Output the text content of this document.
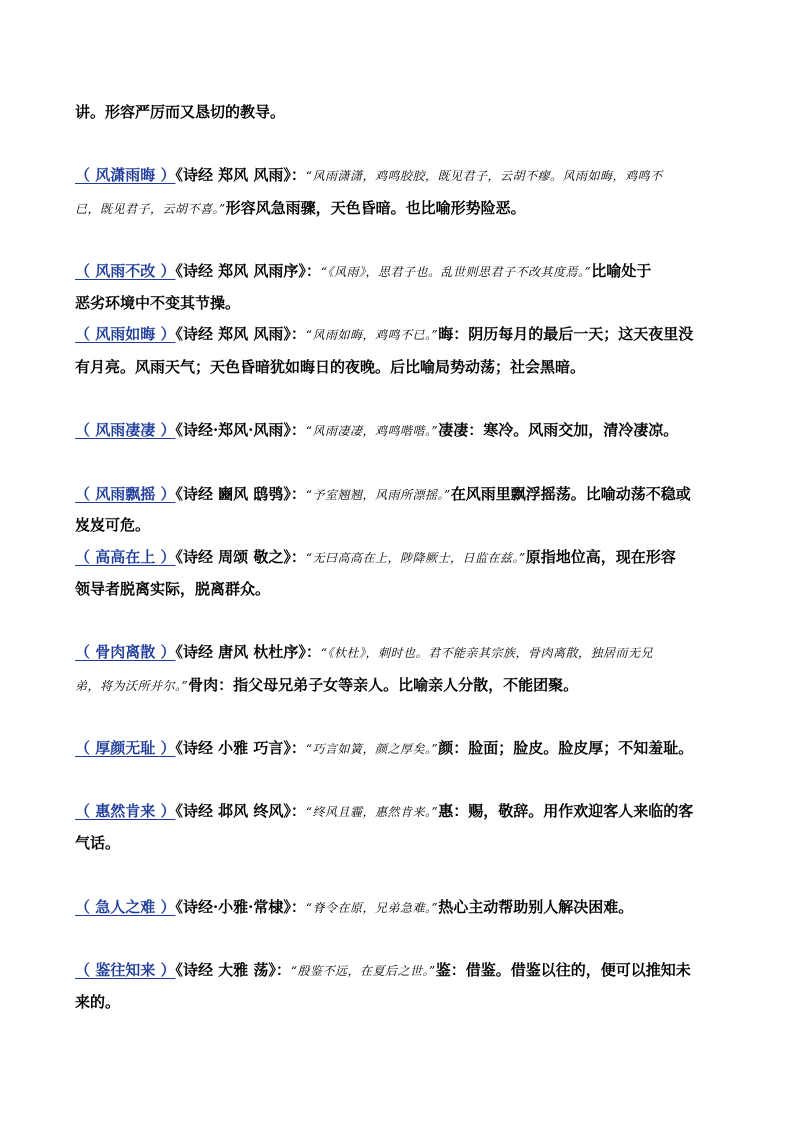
讲。形容严厉而又恳切的教导。
（ 风潇雨晦 ）《诗经 郑风 风雨》：“风雨潇潇，鸡鸣胶胶，既见君子，云胡不瘳。风雨如晦，鸡鸣不
已，既见君子，云胡不喜。”形容风急雨骤，天色昏暗。也比喻形势险恶。
（ 风雨不改 ）《诗经 郑风 风雨序》：“《风雨》，思君子也。乱世则思君子不改其度焉。”比喻处于
恶劣环境中不变其节操。
（ 风雨如晦 ）《诗经 郑风 风雨》：“风雨如晦，鸡鸣不已。”晦：阴历每月的最后一天；这天夜里没
有月亮。风雨天气；天色昏暗犹如晦日的夜晚。后比喻局势动荡；社会黑暗。
（ 风雨凄凄 ）《诗经·郑风·风雨》：“风雨凄凄，鸡鸣喈喈。”凄凄：寒冷。风雨交加，清冷凄凉。
（ 风雨飘摇 ）《诗经 豳风 鸱鸮》：“予室翘翘，风雨所漂摇。”在风雨里飘浮摇荡。比喻动荡不稳或
岌岌可危。
（ 高高在上 ）《诗经 周颂 敬之》：“无曰高高在上，陟降厥士，日监在兹。”原指地位高，现在形容
领导者脱离实际，脱离群众。
（ 骨肉离散 ）《诗经 唐风 杕杜序》：“《杕杜》，刺时也。君不能亲其宗族，骨肉离散，独居而无兄
弟，将为沃所并尔。”骨肉：指父母兄弟子女等亲人。比喻亲人分散，不能团聚。
（ 厚颜无耻 ）《诗经 小雅 巧言》：“巧言如簧，颜之厚矣。”颜：脸面；脸皮。脸皮厚；不知羞耻。
（ 惠然肯来 ）《诗经 邶风 终风》：“终风且霾，惠然肯来。”惠：赐，敬辞。用作欢迎客人来临的客
气话。
（ 急人之难 ）《诗经·小雅·常棣》：“脊令在原，兄弟急难。”热心主动帮助别人解决困难。
（ 鉴往知来 ）《诗经 大雅 荡》：“殷鉴不远，在夏后之世。”鉴：借鉴。借鉴以往的，便可以推知未
来的。
